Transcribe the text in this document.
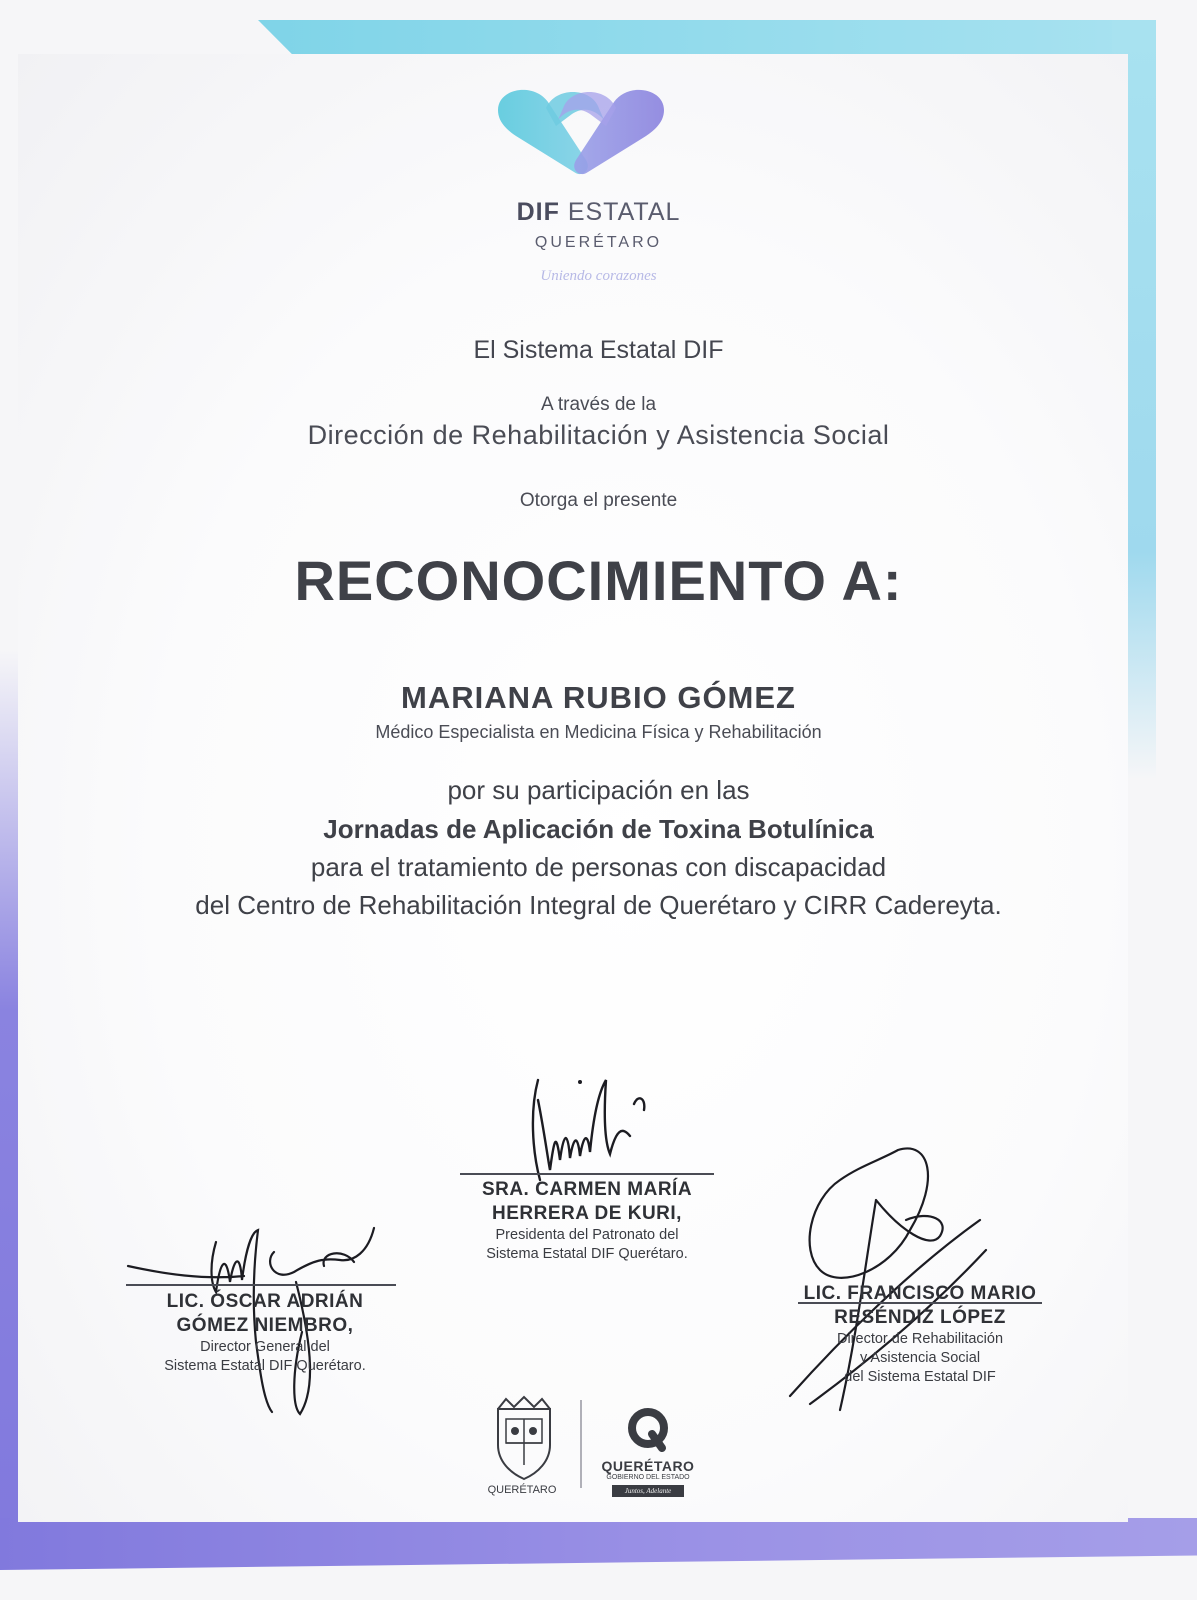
DIF ESTATAL
QUERÉTARO
Uniendo corazones
El Sistema Estatal DIF
A través de la
Dirección de Rehabilitación y Asistencia Social
Otorga el presente
RECONOCIMIENTO A:
MARIANA RUBIO GÓMEZ
Médico Especialista en Medicina Física y Rehabilitación
por su participación en las
Jornadas de Aplicación de Toxina Botulínica
para el tratamiento de personas con discapacidad
del Centro de Rehabilitación Integral de Querétaro y CIRR Cadereyta.
SRA. CARMEN MARÍA
HERRERA DE KURI,
Presidenta del Patronato del
Sistema Estatal DIF Querétaro.
LIC. ÓSCAR ADRIÁN
GÓMEZ NIEMBRO,
Director General del
Sistema Estatal DIF Querétaro.
LIC. FRANCISCO MARIO
RESÉNDIZ LÓPEZ
Director de Rehabilitación
y Asistencia Social
del Sistema Estatal DIF
QUERÉTARO
QUERÉTARO
GOBIERNO DEL ESTADO
Juntos, Adelante
